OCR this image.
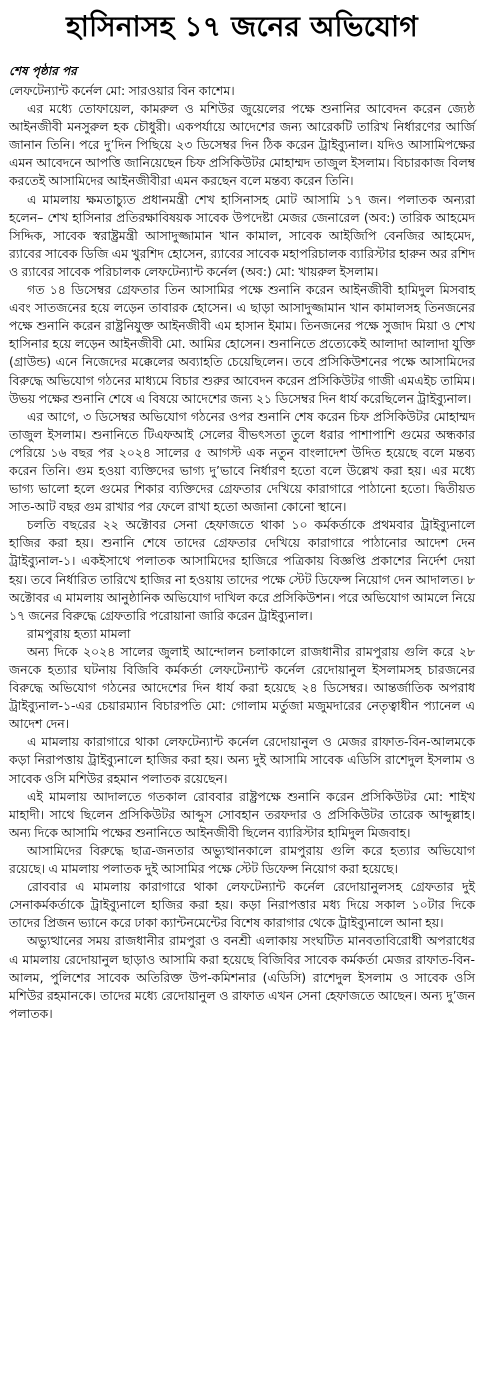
হাসিনাসহ ১৭ জনের অভিযোগ
শেষ পৃষ্ঠার পর

লেফটেন্যান্ট কর্নেল মো: সারওয়ার বিন কাশেম।

এর মধ্যে তোফায়েল, কামরুল ও মশিউর জুয়েলের পক্ষে শুনানির আবেদন করেন জ্যেষ্ঠ আইনজীবী মনসুরুল হক চৌধুরী। একপর্যায়ে আদেশের জন্য আরেকটি তারিখ নির্ধারণের আর্জি জানান তিনি। পরে দু’দিন পিছিয়ে ২৩ ডিসেম্বর দিন ঠিক করেন ট্রাইব্যুনাল। যদিও আসামিপক্ষের এমন আবেদনে আপত্তি জানিয়েছেন চিফ প্রসিকিউটর মোহাম্মদ তাজুল ইসলাম। বিচারকাজ বিলম্ব করতেই আসামিদের আইনজীবীরা এমন করছেন বলে মন্তব্য করেন তিনি।

এ মামলায় ক্ষমতাচ্যুত প্রধানমন্ত্রী শেখ হাসিনাসহ মোট আসামি ১৭ জন। পলাতক অন্যরা হলেন– শেখ হাসিনার প্রতিরক্ষাবিষয়ক সাবেক উপদেষ্টা মেজর জেনারেল (অব:) তারিক আহমেদ সিদ্দিক, সাবেক স্বরাষ্ট্রমন্ত্রী আসাদুজ্জামান খান কামাল, সাবেক আইজিপি বেনজির আহমেদ, র‍্যাবের সাবেক ডিজি এম খুরশিদ হোসেন, র‍্যাবের সাবেক মহাপরিচালক ব্যারিস্টার হারুন অর রশিদ ও র‍্যাবের সাবেক পরিচালক লেফটেন্যান্ট কর্নেল (অব:) মো: খায়রুল ইসলাম।

গত ১৪ ডিসেম্বর গ্রেফতার তিন আসামির পক্ষে শুনানি করেন আইনজীবী হামিদুল মিসবাহ এবং সাতজনের হয়ে লড়েন তাবারক হোসেন। এ ছাড়া আসাদুজ্জামান খান কামালসহ তিনজনের পক্ষে শুনানি করেন রাষ্ট্রনিযুক্ত আইনজীবী এম হাসান ইমাম। তিনজনের পক্ষে সুজাদ মিয়া ও শেখ হাসিনার হয়ে লড়েন আইনজীবী মো. আমির হোসেন। শুনানিতে প্রত্যেকেই আলাদা আলাদা যুক্তি (গ্রাউন্ড) এনে নিজেদের মক্কেলের অব্যাহতি চেয়েছিলেন। তবে প্রসিকিউশনের পক্ষে আসামিদের বিরুদ্ধে অভিযোগ গঠনের মাধ্যমে বিচার শুরুর আবেদন করেন প্রসিকিউটর গাজী এমএইচ তামিম। উভয় পক্ষের শুনানি শেষে এ বিষয়ে আদেশের জন্য ২১ ডিসেম্বর দিন ধার্য করেছিলেন ট্রাইব্যুনাল।

এর আগে, ৩ ডিসেম্বর অভিযোগ গঠনের ওপর শুনানি শেষ করেন চিফ প্রসিকিউটর মোহাম্মদ তাজুল ইসলাম। শুনানিতে টিএফআই সেলের বীভৎসতা তুলে ধরার পাশাপাশি গুমের অন্ধকার পেরিয়ে ১৬ বছর পর ২০২৪ সালের ৫ আগস্ট এক নতুন বাংলাদেশ উদিত হয়েছে বলে মন্তব্য করেন তিনি। গুম হওয়া ব্যক্তিদের ভাগ্য দু’ভাবে নির্ধারণ হতো বলে উল্লেখ করা হয়। এর মধ্যে ভাগ্য ভালো হলে গুমের শিকার ব্যক্তিদের গ্রেফতার দেখিয়ে কারাগারে পাঠানো হতো। দ্বিতীয়ত সাত-আট বছর গুম রাখার পর ফেলে রাখা হতো অজানা কোনো স্থানে।

চলতি বছরের ২২ অক্টোবর সেনা হেফাজতে থাকা ১০ কর্মকর্তাকে প্রথমবার ট্রাইব্যুনালে হাজির করা হয়। শুনানি শেষে তাদের গ্রেফতার দেখিয়ে কারাগারে পাঠানোর আদেশ দেন ট্রাইব্যুনাল-১। একইসাথে পলাতক আসামিদের হাজিরে পত্রিকায় বিজ্ঞপ্তি প্রকাশের নির্দেশ দেয়া হয়। তবে নির্ধারিত তারিখে হাজির না হওয়ায় তাদের পক্ষে স্টেট ডিফেন্স নিয়োগ দেন আদালত। ৮ অক্টোবর এ মামলায় আনুষ্ঠানিক অভিযোগ দাখিল করে প্রসিকিউশন। পরে অভিযোগ আমলে নিয়ে ১৭ জনের বিরুদ্ধে গ্রেফতারি পরোয়ানা জারি করেন ট্রাইব্যুনাল।

রামপুরায় হত্যা মামলা

অন্য দিকে ২০২৪ সালের জুলাই আন্দোলন চলাকালে রাজধানীর রামপুরায় গুলি করে ২৮ জনকে হত্যার ঘটনায় বিজিবি কর্মকর্তা লেফটেন্যান্ট কর্নেল রেদোয়ানুল ইসলামসহ চারজনের বিরুদ্ধে অভিযোগ গঠনের আদেশের দিন ধার্য করা হয়েছে ২৪ ডিসেম্বর। আন্তর্জাতিক অপরাধ ট্রাইব্যুনাল-১-এর চেয়ারম্যান বিচারপতি মো: গোলাম মর্তুজা মজুমদারের নেতৃত্বাধীন প্যানেল এ আদেশ দেন।

এ মামলায় কারাগারে থাকা লেফটেন্যান্ট কর্নেল রেদোয়ানুল ও মেজর রাফাত-বিন-আলমকে কড়া নিরাপত্তায় ট্রাইব্যুনালে হাজির করা হয়। অন্য দুই আসামি সাবেক এডিসি রাশেদুল ইসলাম ও সাবেক ওসি মশিউর রহমান পলাতক রয়েছেন।

এই মামলায় আদালতে গতকাল রোববার রাষ্ট্রপক্ষে শুনানি করেন প্রসিকিউটর মো: শাইখ মাহাদী। সাথে ছিলেন প্রসিকিউটর আব্দুস সোবহান তরফদার ও প্রসিকিউটর তারেক আব্দুল্লাহ। অন্য দিকে আসামি পক্ষের শুনানিতে আইনজীবী ছিলেন ব্যারিস্টার হামিদুল মিজবাহ।

আসামিদের বিরুদ্ধে ছাত্র-জনতার অভ্যুত্থানকালে রামপুরায় গুলি করে হত্যার অভিযোগ রয়েছে। এ মামলায় পলাতক দুই আসামির পক্ষে স্টেট ডিফেন্স নিয়োগ করা হয়েছে।

রোববার এ মামলায় কারাগারে থাকা লেফটেন্যান্ট কর্নেল রেদোয়ানুলসহ গ্রেফতার দুই সেনাকর্মকর্তাকে ট্রাইব্যুনালে হাজির করা হয়। কড়া নিরাপত্তার মধ্য দিয়ে সকাল ১০টার দিকে তাদের প্রিজন ভ্যানে করে ঢাকা ক্যান্টনমেন্টের বিশেষ কারাগার থেকে ট্রাইব্যুনালে আনা হয়।

অভ্যুত্থানের সময় রাজধানীর রামপুরা ও বনশ্রী এলাকায় সংঘটিত মানবতাবিরোধী অপরাধের এ মামলায় রেদোয়ানুল ছাড়াও আসামি করা হয়েছে বিজিবির সাবেক কর্মকর্তা মেজর রাফাত-বিন-আলম, পুলিশের সাবেক অতিরিক্ত উপ-কমিশনার (এডিসি) রাশেদুল ইসলাম ও সাবেক ওসি মশিউর রহমানকে। তাদের মধ্যে রেদোয়ানুল ও রাফাত এখন সেনা হেফাজতে আছেন। অন্য দু’জন পলাতক।
